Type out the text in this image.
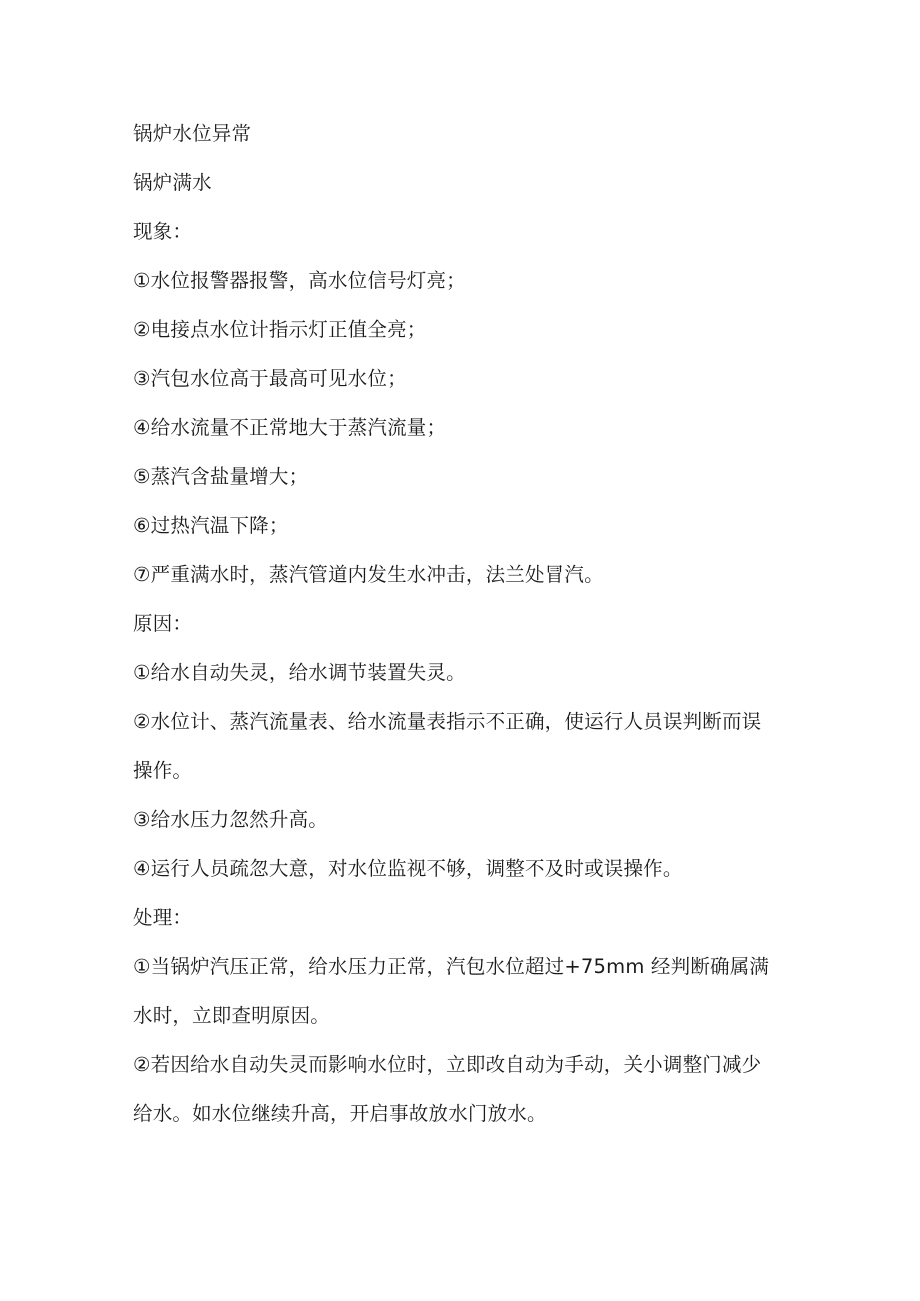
锅炉水位异常
锅炉满水
现象：
①水位报警器报警，高水位信号灯亮；
②电接点水位计指示灯正值全亮；
③汽包水位高于最高可见水位；
④给水流量不正常地大于蒸汽流量；
⑤蒸汽含盐量增大；
⑥过热汽温下降；
⑦严重满水时，蒸汽管道内发生水冲击，法兰处冒汽。
原因：
①给水自动失灵，给水调节装置失灵。
②水位计、蒸汽流量表、给水流量表指示不正确，使运行人员误判断而误
操作。
③给水压力忽然升高。
④运行人员疏忽大意，对水位监视不够，调整不及时或误操作。
处理：
①当锅炉汽压正常，给水压力正常，汽包水位超过+75mm 经判断确属满
水时，立即查明原因。
②若因给水自动失灵而影响水位时，立即改自动为手动，关小调整门减少
给水。如水位继续升高，开启事故放水门放水。
